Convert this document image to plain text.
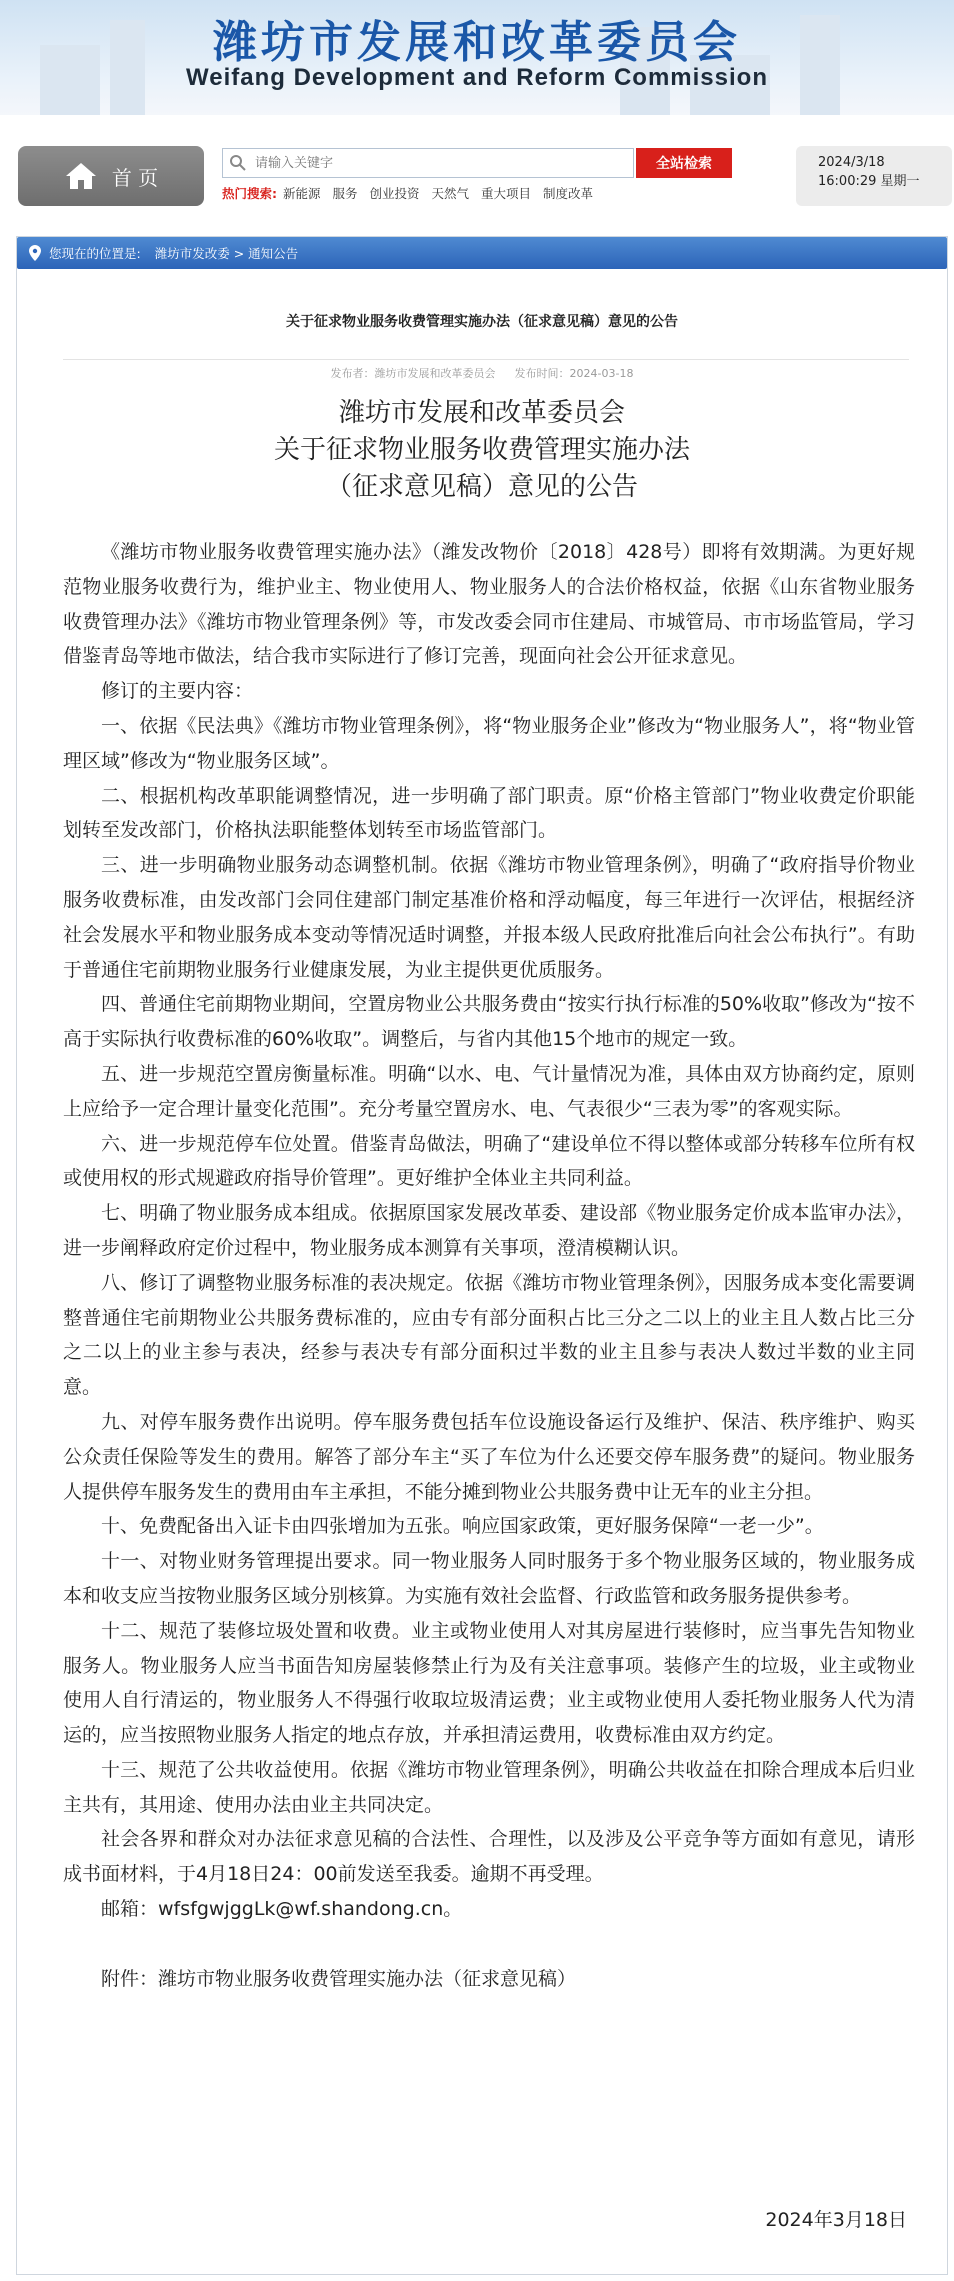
潍坊市发展和改革委员会
Weifang Development and Reform Commission
首 页
请输入关键字
全站检索
热门搜索: 新能源 服务 创业投资 天然气 重大项目 制度改革
2024/3/18
16:00:29 星期一
您现在的位置是: 潍坊市发改委 > 通知公告
关于征求物业服务收费管理实施办法（征求意见稿）意见的公告
发布者：潍坊市发展和改革委员会 发布时间：2024-03-18
潍坊市发展和改革委员会
关于征求物业服务收费管理实施办法
（征求意见稿）意见的公告

《潍坊市物业服务收费管理实施办法》（潍发改物价〔2018〕428号）即将有效期满。为更好规范物业服务收费行为，维护业主、物业使用人、物业服务人的合法价格权益，依据《山东省物业服务收费管理办法》《潍坊市物业管理条例》等，市发改委会同市住建局、市城管局、市市场监管局，学习借鉴青岛等地市做法，结合我市实际进行了修订完善，现面向社会公开征求意见。

修订的主要内容：

一、依据《民法典》《潍坊市物业管理条例》，将“物业服务企业”修改为“物业服务人”，将“物业管理区域”修改为“物业服务区域”。

二、根据机构改革职能调整情况，进一步明确了部门职责。原“价格主管部门”物业收费定价职能划转至发改部门，价格执法职能整体划转至市场监管部门。

三、进一步明确物业服务动态调整机制。依据《潍坊市物业管理条例》，明确了“政府指导价物业服务收费标准，由发改部门会同住建部门制定基准价格和浮动幅度，每三年进行一次评估，根据经济社会发展水平和物业服务成本变动等情况适时调整，并报本级人民政府批准后向社会公布执行”。有助于普通住宅前期物业服务行业健康发展，为业主提供更优质服务。

四、普通住宅前期物业期间，空置房物业公共服务费由“按实行执行标准的50%收取”修改为“按不高于实际执行收费标准的60%收取”。调整后，与省内其他15个地市的规定一致。

五、进一步规范空置房衡量标准。明确“以水、电、气计量情况为准，具体由双方协商约定，原则上应给予一定合理计量变化范围”。充分考量空置房水、电、气表很少“三表为零”的客观实际。

六、进一步规范停车位处置。借鉴青岛做法，明确了“建设单位不得以整体或部分转移车位所有权或使用权的形式规避政府指导价管理”。更好维护全体业主共同利益。

七、明确了物业服务成本组成。依据原国家发展改革委、建设部《物业服务定价成本监审办法》，进一步阐释政府定价过程中，物业服务成本测算有关事项，澄清模糊认识。

八、修订了调整物业服务标准的表决规定。依据《潍坊市物业管理条例》，因服务成本变化需要调整普通住宅前期物业公共服务费标准的，应由专有部分面积占比三分之二以上的业主且人数占比三分之二以上的业主参与表决，经参与表决专有部分面积过半数的业主且参与表决人数过半数的业主同意。

九、对停车服务费作出说明。停车服务费包括车位设施设备运行及维护、保洁、秩序维护、购买公众责任保险等发生的费用。解答了部分车主“买了车位为什么还要交停车服务费”的疑问。物业服务人提供停车服务发生的费用由车主承担，不能分摊到物业公共服务费中让无车的业主分担。

十、免费配备出入证卡由四张增加为五张。响应国家政策，更好服务保障“一老一少”。

十一、对物业财务管理提出要求。同一物业服务人同时服务于多个物业服务区域的，物业服务成本和收支应当按物业服务区域分别核算。为实施有效社会监督、行政监管和政务服务提供参考。

十二、规范了装修垃圾处置和收费。业主或物业使用人对其房屋进行装修时，应当事先告知物业服务人。物业服务人应当书面告知房屋装修禁止行为及有关注意事项。装修产生的垃圾，业主或物业使用人自行清运的，物业服务人不得强行收取垃圾清运费；业主或物业使用人委托物业服务人代为清运的，应当按照物业服务人指定的地点存放，并承担清运费用，收费标准由双方约定。

十三、规范了公共收益使用。依据《潍坊市物业管理条例》，明确公共收益在扣除合理成本后归业主共有，其用途、使用办法由业主共同决定。

社会各界和群众对办法征求意见稿的合法性、合理性，以及涉及公平竞争等方面如有意见，请形成书面材料，于4月18日24：00前发送至我委。逾期不再受理。

邮箱：wfsfgwjggLk@wf.shandong.cn。

附件：潍坊市物业服务收费管理实施办法（征求意见稿）

2024年3月18日
